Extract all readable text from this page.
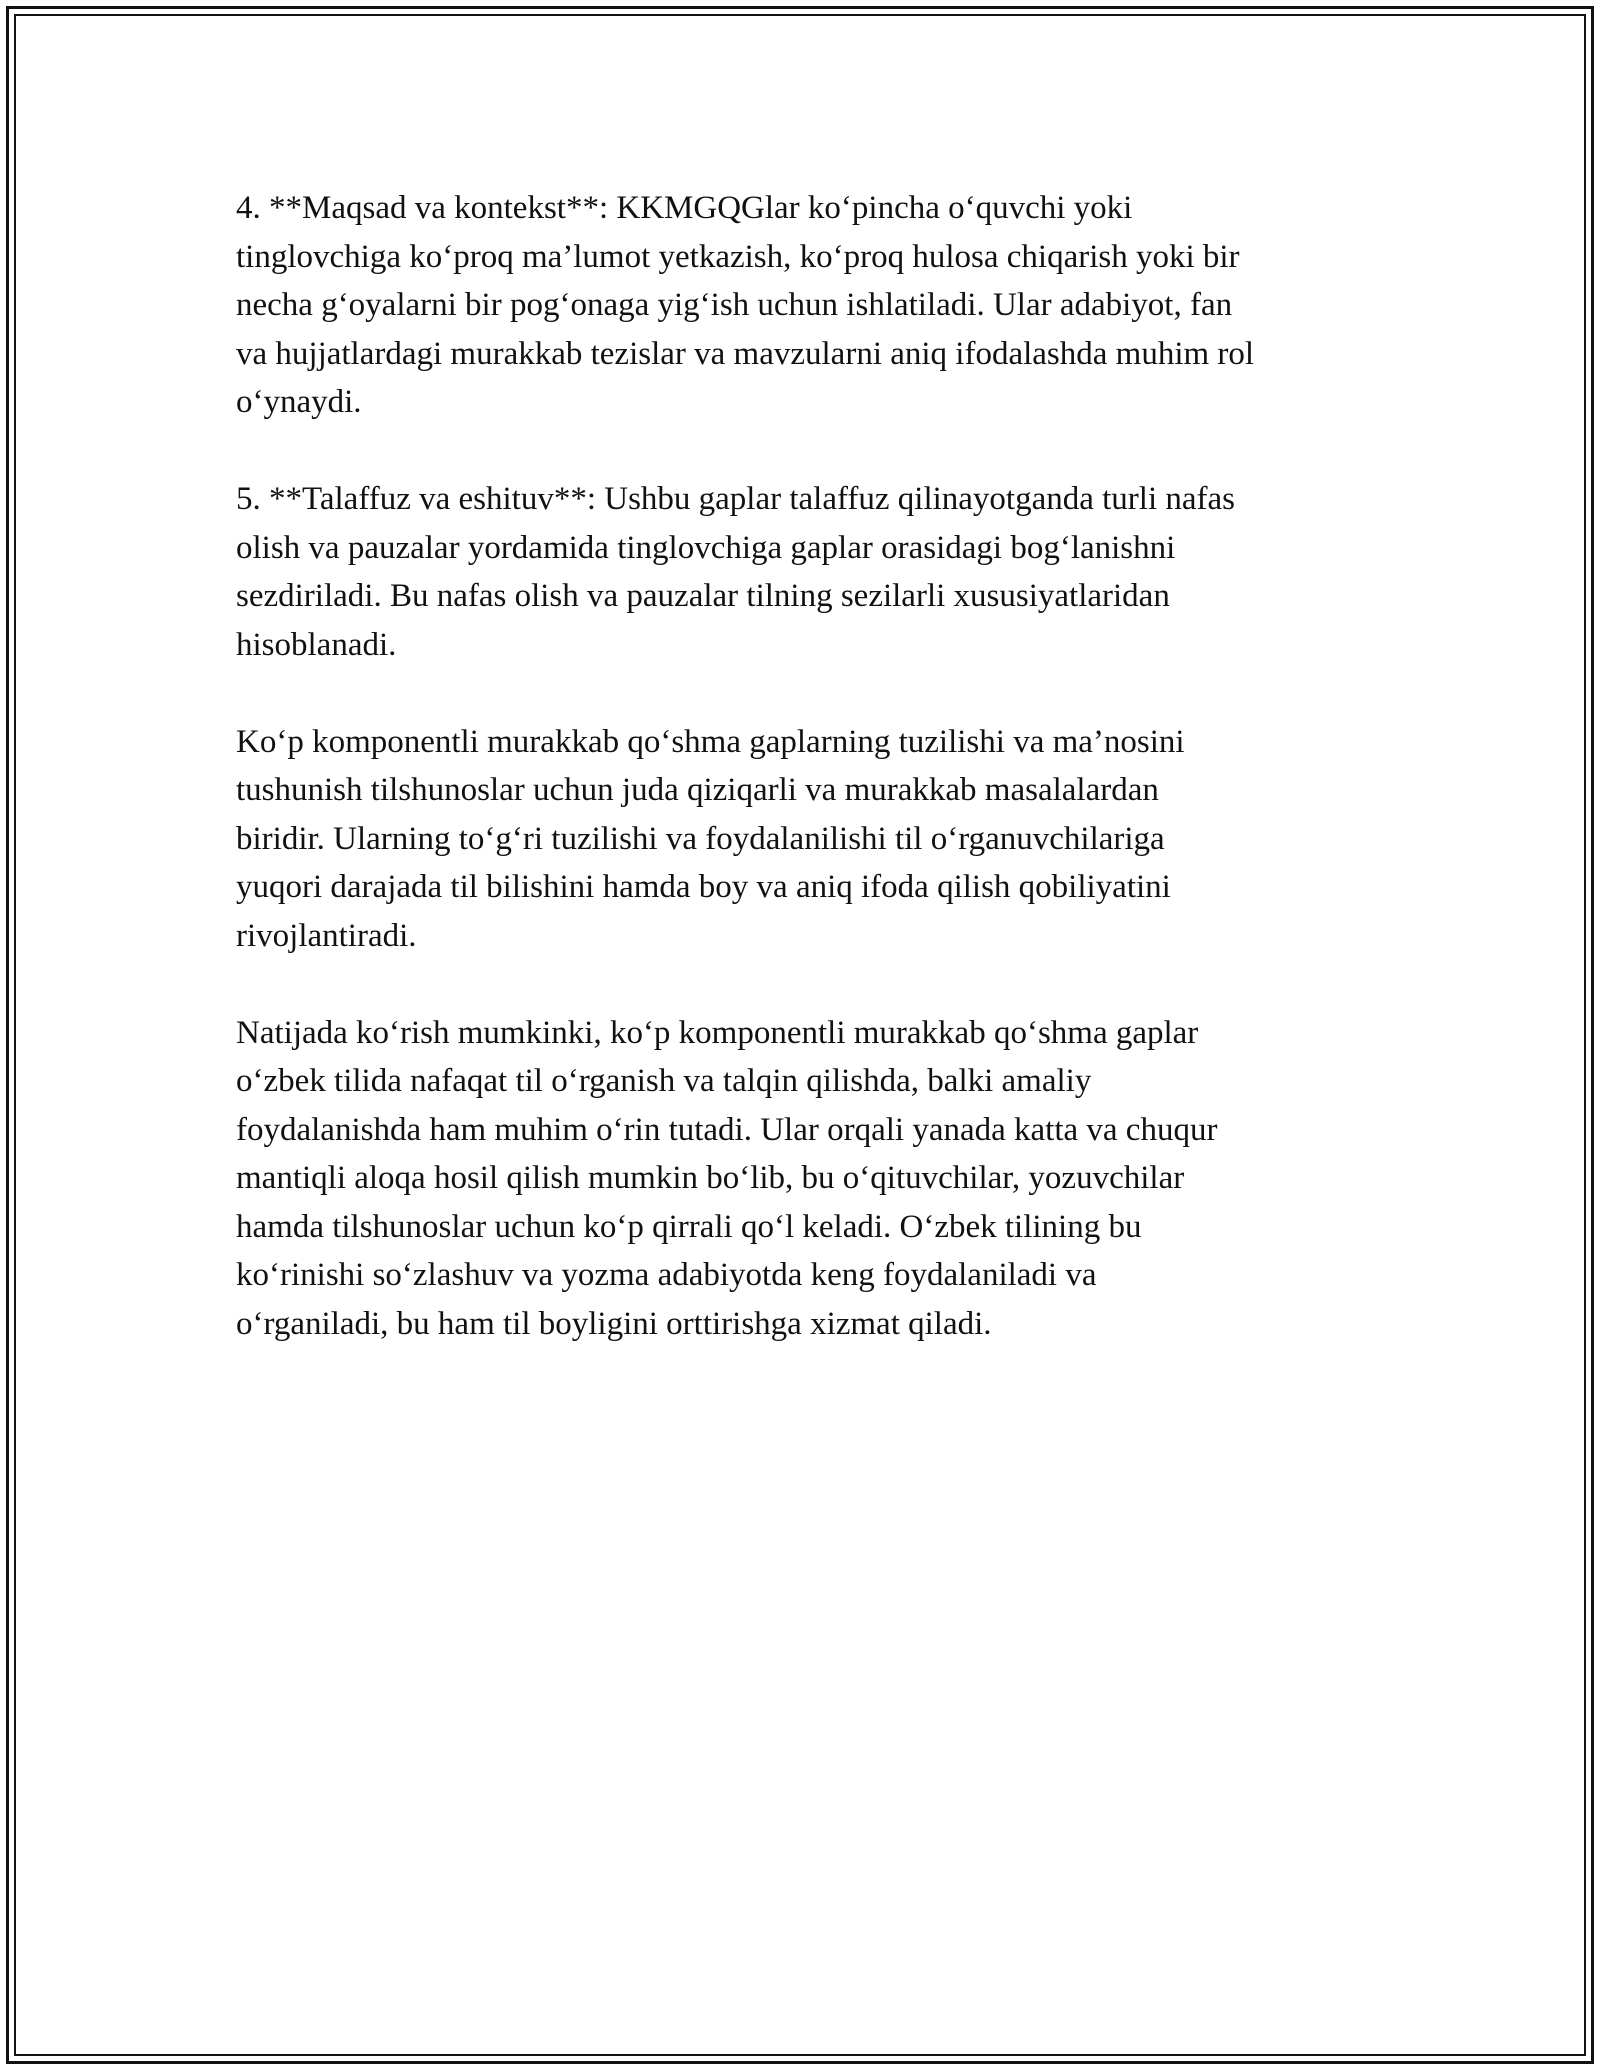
4. **Maqsad va kontekst**: KKMGQGlar ko‘pincha o‘quvchi yoki
tinglovchiga ko‘proq ma’lumot yetkazish, ko‘proq hulosa chiqarish yoki bir
necha g‘oyalarni bir pog‘onaga yig‘ish uchun ishlatiladi. Ular adabiyot, fan
va hujjatlardagi murakkab tezislar va mavzularni aniq ifodalashda muhim rol
o‘ynaydi.
5. **Talaffuz va eshituv**: Ushbu gaplar talaffuz qilinayotganda turli nafas
olish va pauzalar yordamida tinglovchiga gaplar orasidagi bog‘lanishni
sezdiriladi. Bu nafas olish va pauzalar tilning sezilarli xususiyatlaridan
hisoblanadi.
Ko‘p komponentli murakkab qo‘shma gaplarning tuzilishi va ma’nosini
tushunish tilshunoslar uchun juda qiziqarli va murakkab masalalardan
biridir. Ularning to‘g‘ri tuzilishi va foydalanilishi til o‘rganuvchilariga
yuqori darajada til bilishini hamda boy va aniq ifoda qilish qobiliyatini
rivojlantiradi.
Natijada ko‘rish mumkinki, ko‘p komponentli murakkab qo‘shma gaplar
o‘zbek tilida nafaqat til o‘rganish va talqin qilishda, balki amaliy
foydalanishda ham muhim o‘rin tutadi. Ular orqali yanada katta va chuqur
mantiqli aloqa hosil qilish mumkin bo‘lib, bu o‘qituvchilar, yozuvchilar
hamda tilshunoslar uchun ko‘p qirrali qo‘l keladi. O‘zbek tilining bu
ko‘rinishi so‘zlashuv va yozma adabiyotda keng foydalaniladi va
o‘rganiladi, bu ham til boyligini orttirishga xizmat qiladi.
